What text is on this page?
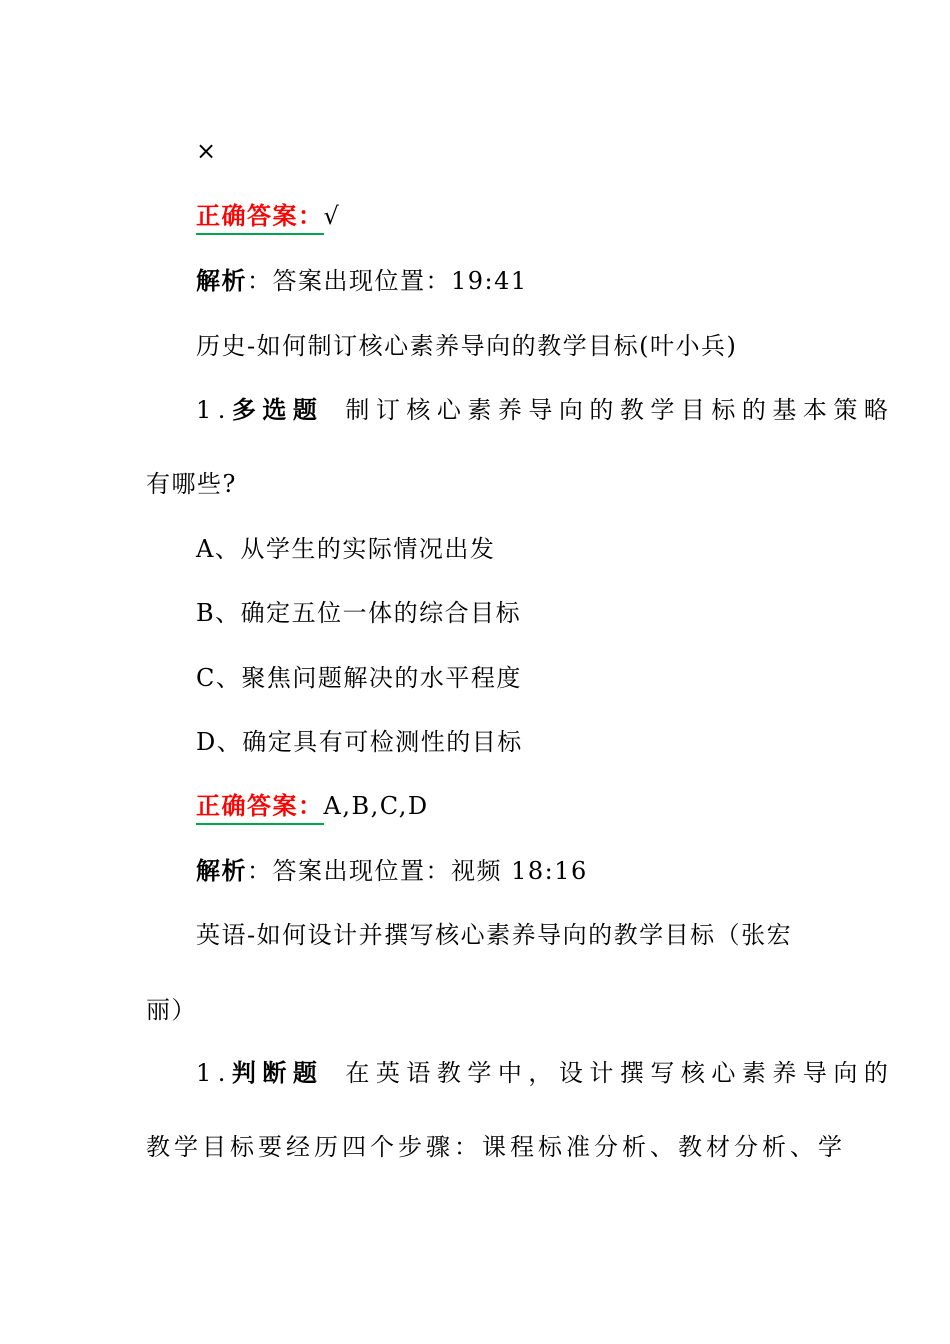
×
正确答案：√
解析：答案出现位置：19:41
历史-如何制订核心素养导向的教学目标(叶小兵)
1.多选题 制订核心素养导向的教学目标的基本策略
有哪些?
A、从学生的实际情况出发
B、确定五位一体的综合目标
C、聚焦问题解决的水平程度
D、确定具有可检测性的目标
正确答案：A,B,C,D
解析：答案出现位置：视频 18:16
英语-如何设计并撰写核心素养导向的教学目标（张宏
丽）
1.判断题 在英语教学中，设计撰写核心素养导向的
教学目标要经历四个步骤：课程标准分析、教材分析、学
